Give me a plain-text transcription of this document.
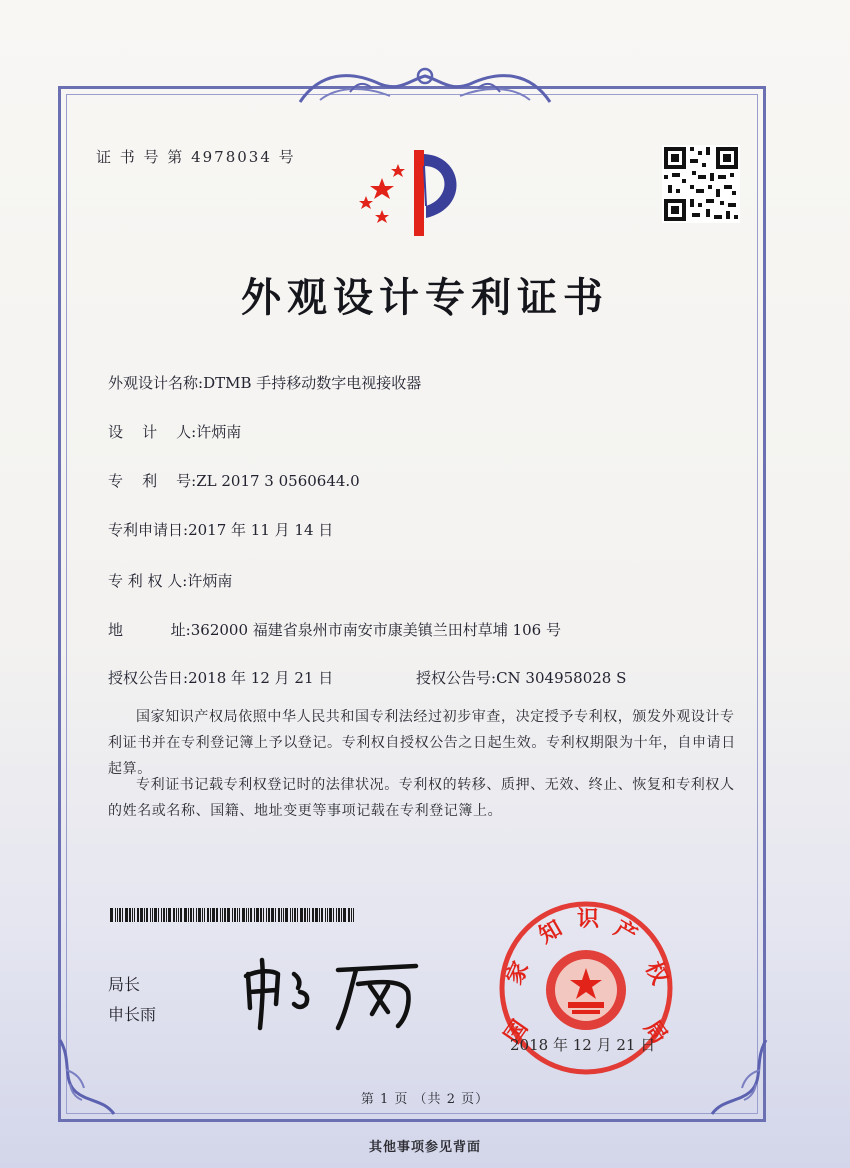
证 书 号 第 4978034 号
外观设计专利证书
外观设计名称:DTMB 手持移动数字电视接收器
设    计    人:许炳南
专    利    号:ZL 2017 3 0560644.0
专利申请日:2017 年 11 月 14 日
专 利 权 人:许炳南
地          址:362000 福建省泉州市南安市康美镇兰田村草埔 106 号
授权公告日:2018 年 12 月 21 日	授权公告号:CN 304958028 S
国家知识产权局依照中华人民共和国专利法经过初步审查，决定授予专利权，颁发外观设计专利证书并在专利登记簿上予以登记。专利权自授权公告之日起生效。专利权期限为十年，自申请日起算。
专利证书记载专利权登记时的法律状况。专利权的转移、质押、无效、终止、恢复和专利权人的姓名或名称、国籍、地址变更等事项记载在专利登记簿上。
局长
申长雨
国
家
知 识 产
权
局
2018 年 12 月 21 日
第 1 页 （共 2 页）
其他事项参见背面
